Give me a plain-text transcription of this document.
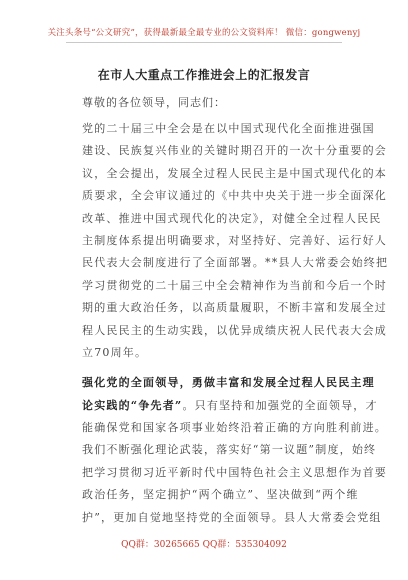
关注头条号“公文研究”，获得最新最全最专业的公文资料库！ 微信：gongwenyj
在市人大重点工作推进会上的汇报发言
尊敬的各位领导，同志们：
党的二十届三中全会是在以中国式现代化全面推进强国
建设、民族复兴伟业的关键时期召开的一次十分重要的会
议，全会提出，发展全过程人民民主是中国式现代化的本
质要求，全会审议通过的《中共中央关于进一步全面深化
改革、推进中国式现代化的决定》，对健全全过程人民民
主制度体系提出明确要求，对坚持好、完善好、运行好人
民代表大会制度进行了全面部署。**县人大常委会始终把
学习贯彻党的二十届三中全会精神作为当前和今后一个时
期的重大政治任务，以高质量履职，不断丰富和发展全过
程人民民主的生动实践，以优异成绩庆祝人民代表大会成
立70周年。
强化党的全面领导，勇做丰富和发展全过程人民民主理
论实践的“争先者”。只有坚持和加强党的全面领导，才
能确保党和国家各项事业始终沿着正确的方向胜利前进。
我们不断强化理论武装，落实好“第一议题”制度，始终
把学习贯彻习近平新时代中国特色社会主义思想作为首要
政治任务，坚定拥护“两个确立”、坚决做到“两个维
护”，更加自觉地坚持党的全面领导。县人大常委会党组
QQ群：30265665 QQ群：535304092
